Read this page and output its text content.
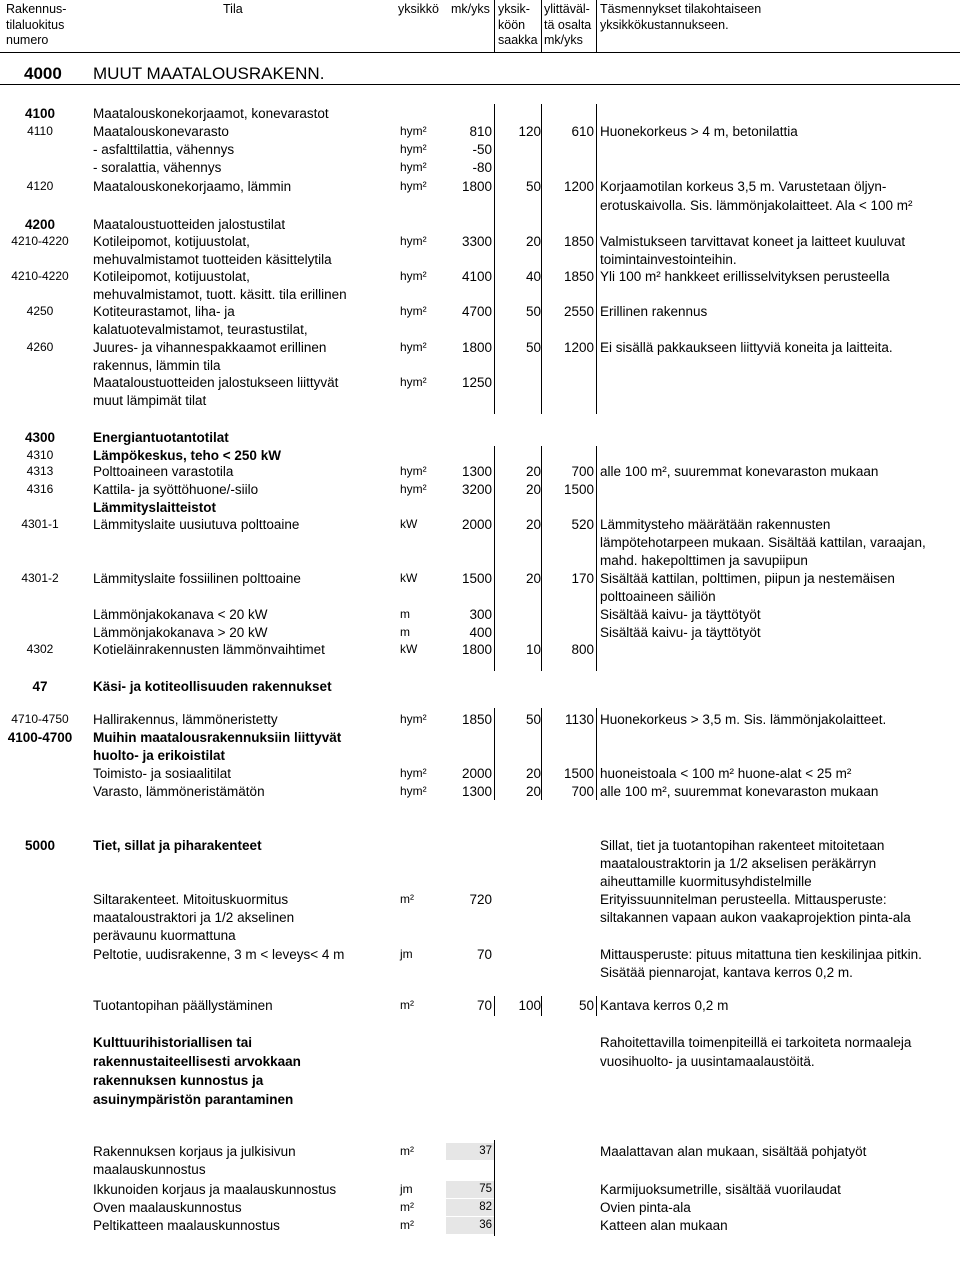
Rakennus-
tilaluokitus
numero
Tila	yksikkö mk/yks yksik-
köön
saakka
ylittäväl-
tä osalta
mk/yks
Täsmennykset tilakohtaiseen
yksikkökustannukseen.
4000 MUUT MAATALOUSRAKENN.
4100	Maatalouskonekorjaamot, konevarastot
4110	Maatalouskonevarasto	hym²	810	120	610 Huonekorkeus > 4 m, betonilattia
- asfalttilattia, vähennys	hym²	-50
- soralattia, vähennys	hym²	-80
4120	Maatalouskonekorjaamo, lämmin	hym²	1800	50	1200 Korjaamotilan korkeus 3,5 m. Varustetaan öljyn-
erotuskaivolla. Sis. lämmönjakolaitteet. Ala < 100 m²
4200	Maataloustuotteiden jalostustilat
4210-4220	Kotileipomot, kotijuustolat,	hym²	3300	20	1850 Valmistukseen tarvittavat koneet ja laitteet kuuluvat
mehuvalmistamot tuotteiden käsittelytila	toimintainvestointeihin.
4210-4220	Kotileipomot, kotijuustolat,	hym²	4100	40	1850 Yli 100 m² hankkeet erillisselvityksen perusteella
mehuvalmistamot, tuott. käsitt. tila erillinen
4250	Kotiteurastamot, liha- ja	hym²	4700	50	2550 Erillinen rakennus
kalatuotevalmistamot, teurastustilat,
4260	Juures- ja vihannespakkaamot erillinen	hym²	1800	50	1200 Ei sisällä pakkaukseen liittyviä koneita ja laitteita.
rakennus, lämmin tila
Maataloustuotteiden jalostukseen liittyvät	hym²	1250
muut lämpimät tilat
4300	Energiantuotantotilat
4310	Lämpökeskus, teho < 250 kW
4313	Polttoaineen varastotila	hym²	1300	20	700 alle 100 m², suuremmat konevaraston mukaan
4316	Kattila- ja syöttöhuone/-siilo	hym²	3200	20	1500
Lämmityslaitteistot
4301-1	Lämmityslaite uusiutuva polttoaine	kW	2000	20	520 Lämmitysteho määrätään rakennusten
lämpötehotarpeen mukaan. Sisältää kattilan, varaajan,
mahd. hakepolttimen ja savupiipun
4301-2	Lämmityslaite fossiilinen polttoaine	kW	1500	20	170 Sisältää kattilan, polttimen, piipun ja nestemäisen
polttoaineen säiliön
Lämmönjakokanava < 20 kW	m	300	Sisältää kaivu- ja täyttötyöt
Lämmönjakokanava > 20 kW	m	400	Sisältää kaivu- ja täyttötyöt
4302	Kotieläinrakennusten lämmönvaihtimet	kW	1800	10	800
47	Käsi- ja kotiteollisuuden rakennukset
4710-4750	Hallirakennus, lämmöneristetty	hym²	1850	50	1130 Huonekorkeus > 3,5 m. Sis. lämmönjakolaitteet.
4100-4700	Muihin maatalousrakennuksiin liittyvät
huolto- ja erikoistilat
Toimisto- ja sosiaalitilat	hym²	2000	20	1500 huoneistoala < 100 m² huone-alat < 25 m²
Varasto, lämmöneristämätön	hym²	1300	20	700 alle 100 m², suuremmat konevaraston mukaan
5000	Tiet, sillat ja piharakenteet	Sillat, tiet ja tuotantopihan rakenteet mitoitetaan
maataloustraktorin ja 1/2 akselisen peräkärryn
aiheuttamille kuormitusyhdistelmille
Siltarakenteet. Mitoituskuormitus	m²	720	Erityissuunnitelman perusteella. Mittausperuste:
maataloustraktori ja 1/2 akselinen	siltakannen vapaan aukon vaakaprojektion pinta-ala
perävaunu kuormattuna
Peltotie, uudisrakenne, 3 m < leveys< 4 m	jm	70	Mittausperuste: pituus mitattuna tien keskilinjaa pitkin.
Sisätää piennarojat, kantava kerros 0,2 m.
Tuotantopihan päällystäminen	m²	70	100	50 Kantava kerros 0,2 m
Kulttuurihistoriallisen tai	Rahoitettavilla toimenpiteillä ei tarkoiteta normaaleja
rakennustaiteellisesti arvokkaan	vuosihuolto- ja uusintamaalaustöitä.
rakennuksen kunnostus ja
asuinympäristön parantaminen
Rakennuksen korjaus ja julkisivun	m²	37	Maalattavan alan mukaan, sisältää pohjatyöt
maalauskunnostus
Ikkunoiden korjaus ja maalauskunnostus	jm	75	Karmijuoksumetrille, sisältää vuorilaudat
Oven maalauskunnostus	m²	82	Ovien pinta-ala
Peltikatteen maalauskunnostus	m²	36	Katteen alan mukaan
